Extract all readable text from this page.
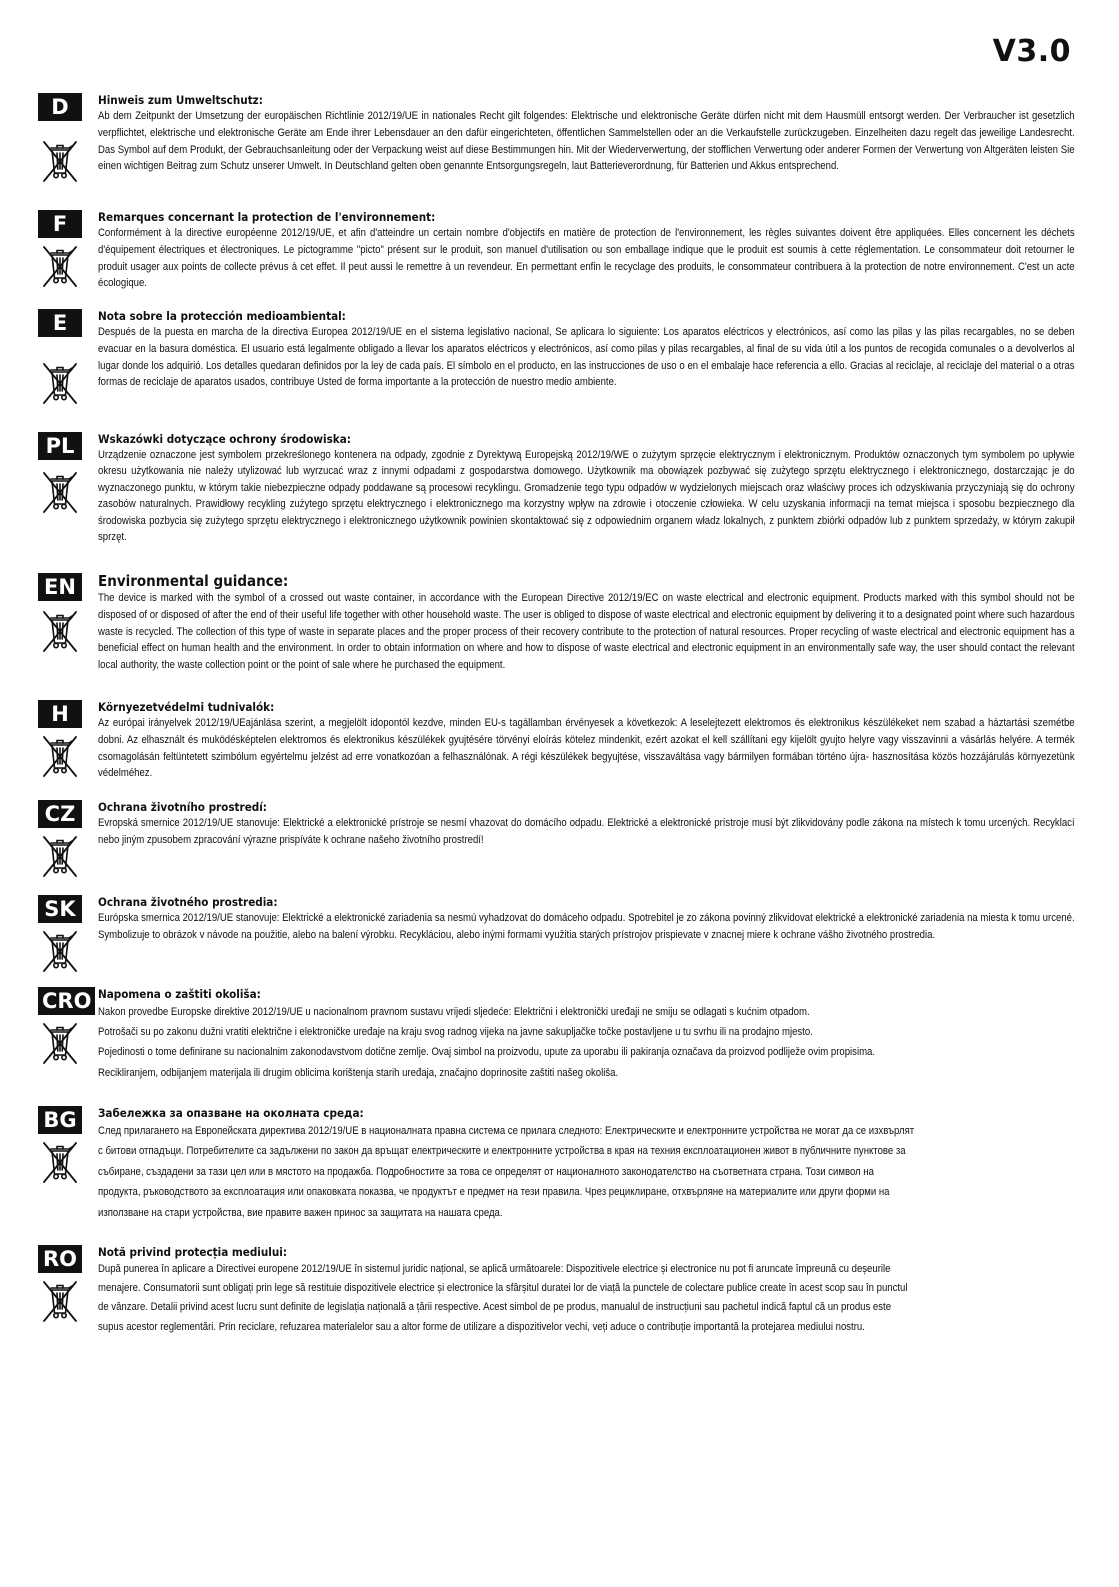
V3.0
D	Hinweis zum Umweltschutz:

Ab dem Zeitpunkt der Umsetzung der europäischen Richtlinie 2012/19/UE in nationales Recht gilt folgendes: Elektrische und elektronische Geräte dürfen nicht mit dem Hausmüll entsorgt werden. Der Verbraucher ist gesetzlich verpflichtet, elektrische und elektronische Geräte am Ende ihrer Lebensdauer an den dafür eingerichteten, öffentlichen Sammelstellen oder an die Verkaufstelle zurückzugeben. Einzelheiten dazu regelt das jeweilige Landesrecht. Das Symbol auf dem Produkt, der Gebrauchsanleitung oder der Verpackung weist auf diese Bestimmungen hin. Mit der Wiederverwertung, der stofflichen Verwertung oder anderer Formen der Verwertung von Altgeräten leisten Sie einen wichtigen Beitrag zum Schutz unserer Umwelt. In Deutschland gelten oben genannte Entsorgungsregeln, laut Batterieverordnung, für Batterien und Akkus entsprechend.

F	Remarques concernant la protection de l'environnement:

Conformément à la directive européenne 2012/19/UE, et afin d'atteindre un certain nombre d'objectifs en matière de protection de l'environnement, les règles suivantes doivent être appliquées. Elles concernent les déchets d'équipement électriques et électroniques. Le pictogramme "picto" présent sur le produit, son manuel d'utilisation ou son emballage indique que le produit est soumis à cette réglementation. Le consommateur doit retourner le produit usager aux points de collecte prévus à cet effet. Il peut aussi le remettre à un revendeur. En permettant enfin le recyclage des produits, le consommateur contribuera à la protection de notre environnement. C'est un acte écologique.

E	Nota sobre la protección medioambiental:

Después de la puesta en marcha de la directiva Europea 2012/19/UE en el sistema legislativo nacional, Se aplicara lo siguiente: Los aparatos eléctricos y electrónicos, así como las pilas y las pilas recargables, no se deben evacuar en la basura doméstica. El usuario está legalmente obligado a llevar los aparatos eléctricos y electrónicos, así como pilas y pilas recargables, al final de su vida útil a los puntos de recogida comunales o a devolverlos al lugar donde los adquirió. Los detalles quedaran definidos por la ley de cada país. El símbolo en el producto, en las instrucciones de uso o en el embalaje hace referencia a ello. Gracias al reciclaje, al reciclaje del material o a otras formas de reciclaje de aparatos usados, contribuye Usted de forma importante a la protección de nuestro medio ambiente.

PL	Wskazówki dotyczące ochrony środowiska:

Urządzenie oznaczone jest symbolem przekreślonego kontenera na odpady, zgodnie z Dyrektywą Europejską 2012/19/WE o zużytym sprzęcie elektrycznym i elektronicznym. Produktów oznaczonych tym symbolem po upływie okresu użytkowania nie należy utylizować lub wyrzucać wraz z innymi odpadami z gospodarstwa domowego. Użytkownik ma obowiązek pozbywać się zużytego sprzętu elektrycznego i elektronicznego, dostarczając je do wyznaczonego punktu, w którym takie niebezpieczne odpady poddawane są procesowi recyklingu. Gromadzenie tego typu odpadów w wydzielonych miejscach oraz właściwy proces ich odzyskiwania przyczyniają się do ochrony zasobów naturalnych. Prawidłowy recykling zużytego sprzętu elektrycznego i elektronicznego ma korzystny wpływ na zdrowie i otoczenie człowieka. W celu uzyskania informacji na temat miejsca i sposobu bezpiecznego dla środowiska pozbycia się zużytego sprzętu elektrycznego i elektronicznego użytkownik powinien skontaktować się z odpowiednim organem władz lokalnych, z punktem zbiórki odpadów lub z punktem sprzedaży, w którym zakupił sprzęt.

EN	Environmental guidance:

The device is marked with the symbol of a crossed out waste container, in accordance with the European Directive 2012/19/EC on waste electrical and electronic equipment. Products marked with this symbol should not be disposed of or disposed of after the end of their useful life together with other household waste. The user is obliged to dispose of waste electrical and electronic equipment by delivering it to a designated point where such hazardous waste is recycled. The collection of this type of waste in separate places and the proper process of their recovery contribute to the protection of natural resources. Proper recycling of waste electrical and electronic equipment has a beneficial effect on human health and the environment. In order to obtain information on where and how to dispose of waste electrical and electronic equipment in an environmentally safe way, the user should contact the relevant local authority, the waste collection point or the point of sale where he purchased the equipment.

H	Környezetvédelmi tudnivalók:

Az európai irányelvek 2012/19/UEajánlása szerint, a megjelölt idopontól kezdve, minden EU-s tagállamban érvényesek a következok: A leselejtezett elektromos és elektronikus készülékeket nem szabad a háztartási szemétbe dobni. Az elhasznált és muködésképtelen elektromos és elektronikus készülékek gyujtésére törvényi eloírás kötelez mindenkit, ezért azokat el kell szállítani egy kijelölt gyujto helyre vagy visszavinni a vásárlás helyére. A termék csomagolásán feltüntetett szimbólum egyértelmu jelzést ad erre vonatkozóan a felhasználónak. A régi készülékek begyujtése, visszaváltása vagy bármilyen formában történo újra- hasznosítása közös hozzájárulás környezetünk védelméhez.

CZ	Ochrana životního prostredí:

Evropská smernice 2012/19/UE stanovuje: Elektrické a elektronické prístroje se nesmí vhazovat do domácího odpadu. Elektrické a elektronické prístroje musí být zlikvidovány podle zákona na místech k tomu urcených. Recyklací nebo jiným zpusobem zpracování výrazne prispíváte k ochrane našeho životního prostredí!

SK	Ochrana životného prostredia:

Európska smernica 2012/19/UE stanovuje: Elektrické a elektronické zariadenia sa nesmú vyhadzovat do domáceho odpadu. Spotrebitel je zo zákona povinný zlikvidovat elektrické a elektronické zariadenia na miesta k tomu urcené. Symbolizuje to obrázok v návode na použitie, alebo na balení výrobku. Recykláciou, alebo inými formami využitia starých prístrojov prispievate v znacnej miere k ochrane vášho životného prostredia.

CRO Napomena o zaštiti okoliša:

Nakon provedbe Europske direktive 2012/19/UE u nacionalnom pravnom sustavu vrijedi sljedeće: Električni i elektronički uređaji ne smiju se odlagati s kućnim otpadom.
Potrošači su po zakonu dužni vratiti električne i elektroničke uređaje na kraju svog radnog vijeka na javne sakupljačke točke postavljene u tu svrhu ili na prodajno mjesto.
Pojedinosti o tome definirane su nacionalnim zakonodavstvom dotične zemlje. Ovaj simbol na proizvodu, upute za uporabu ili pakiranja označava da proizvod podliježe ovim propisima.
Recikliranjem, odbijanjem materijala ili drugim oblicima korištenja starih uređaja, značajno doprinosite zaštiti našeg okoliša.

BG	Забележка за опазване на околната среда:

След прилагането на Европейската директива 2012/19/UE в националната правна система се прилага следното: Електрическите и електронните устройства не могат да се изхвърлят
с битови отпадъци. Потребителите са задължени по закон да връщат електрическите и електронните устройства в края на техния експлоатационен живот в публичните пунктове за
събиране, създадени за тази цел или в мястото на продажба. Подробностите за това се определят от националното законодателство на съответната страна. Този символ на
продукта, ръководството за експлоатация или опаковката показва, че продуктът е предмет на тези правила. Чрез рециклиране, отхвърляне на материалите или други форми на
използване на стари устройства, вие правите важен принос за защитата на нашата среда.

RO	Notă privind protecția mediului:

După punerea în aplicare a Directivei europene 2012/19/UE în sistemul juridic național, se aplică următoarele: Dispozitivele electrice și electronice nu pot fi aruncate împreună cu deșeurile
menajere. Consumatorii sunt obligați prin lege să restituie dispozitivele electrice și electronice la sfârșitul duratei lor de viață la punctele de colectare publice create în acest scop sau în punctul
de vânzare. Detalii privind acest lucru sunt definite de legislația națională a țării respective. Acest simbol de pe produs, manualul de instrucțiuni sau pachetul indică faptul că un produs este
supus acestor reglementări. Prin reciclare, refuzarea materialelor sau a altor forme de utilizare a dispozitivelor vechi, veți aduce o contribuție importantă la protejarea mediului nostru.
